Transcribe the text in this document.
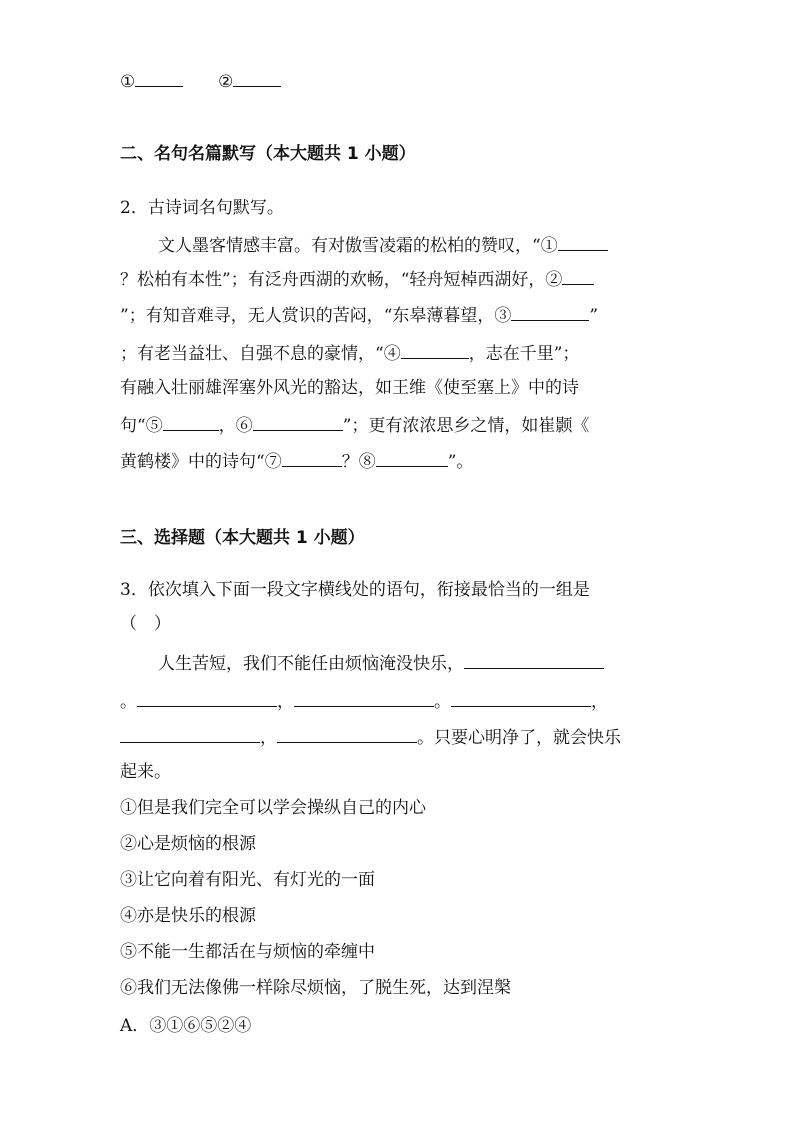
①	②
二、名句名篇默写（本大题共 1 小题）
2．古诗词名句默写。
文人墨客情感丰富。有对傲雪凌霜的松柏的赞叹，“①
？松柏有本性”；有泛舟西湖的欢畅，“轻舟短棹西湖好，②
”；有知音难寻，无人赏识的苦闷，“东皋薄暮望，③	”
；有老当益壮、自强不息的豪情，“④	，志在千里”；
有融入壮丽雄浑塞外风光的豁达，如王维《使至塞上》中的诗
句“⑤	，⑥	”；更有浓浓思乡之情，如崔颢《
黄鹤楼》中的诗句“⑦	？⑧	”。
三、选择题（本大题共 1 小题）
3．依次填入下面一段文字横线处的语句，衔接最恰当的一组是
（　）
人生苦短，我们不能任由烦恼淹没快乐，
。	，	。	，
，	。只要心明净了，就会快乐
起来。
①但是我们完全可以学会操纵自己的内心
②心是烦恼的根源
③让它向着有阳光、有灯光的一面
④亦是快乐的根源
⑤不能一生都活在与烦恼的牵缠中
⑥我们无法像佛一样除尽烦恼，了脱生死，达到涅槃
A．③①⑥⑤②④
